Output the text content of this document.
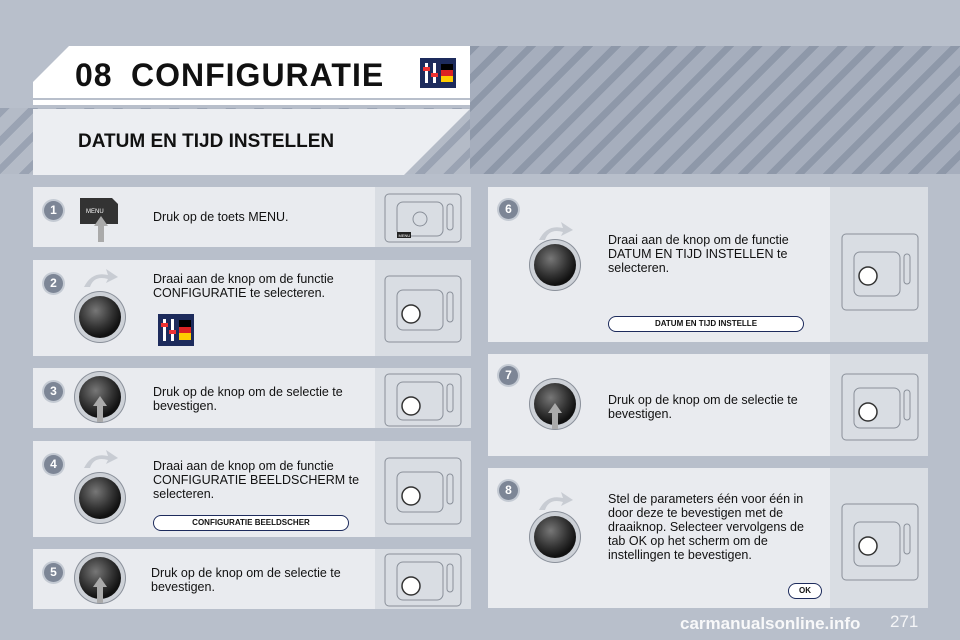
08 CONFIGURATIE
DATUM EN TIJD INSTELLEN
1
2
3
4
5
6
7
8
Druk op de toets MENU.
Draai aan de knop om de functie CONFIGURATIE te selecteren.
Druk op de knop om de selectie te bevestigen.
Draai aan de knop om de functie CONFIGURATIE BEELDSCHERM te selecteren.
Druk op de knop om de selectie te bevestigen.
Draai aan de knop om de functie DATUM EN TIJD INSTELLEN te selecteren.
Druk op de knop om de selectie te bevestigen.
Stel de parameters één voor één in door deze te bevestigen met de draaiknop. Selecteer vervolgens de tab OK op het scherm om de instellingen te bevestigen.
CONFIGURATIE BEELDSCHER
DATUM EN TIJD INSTELLE
OK
MENU
MENU
carmanualsonline.info 271
